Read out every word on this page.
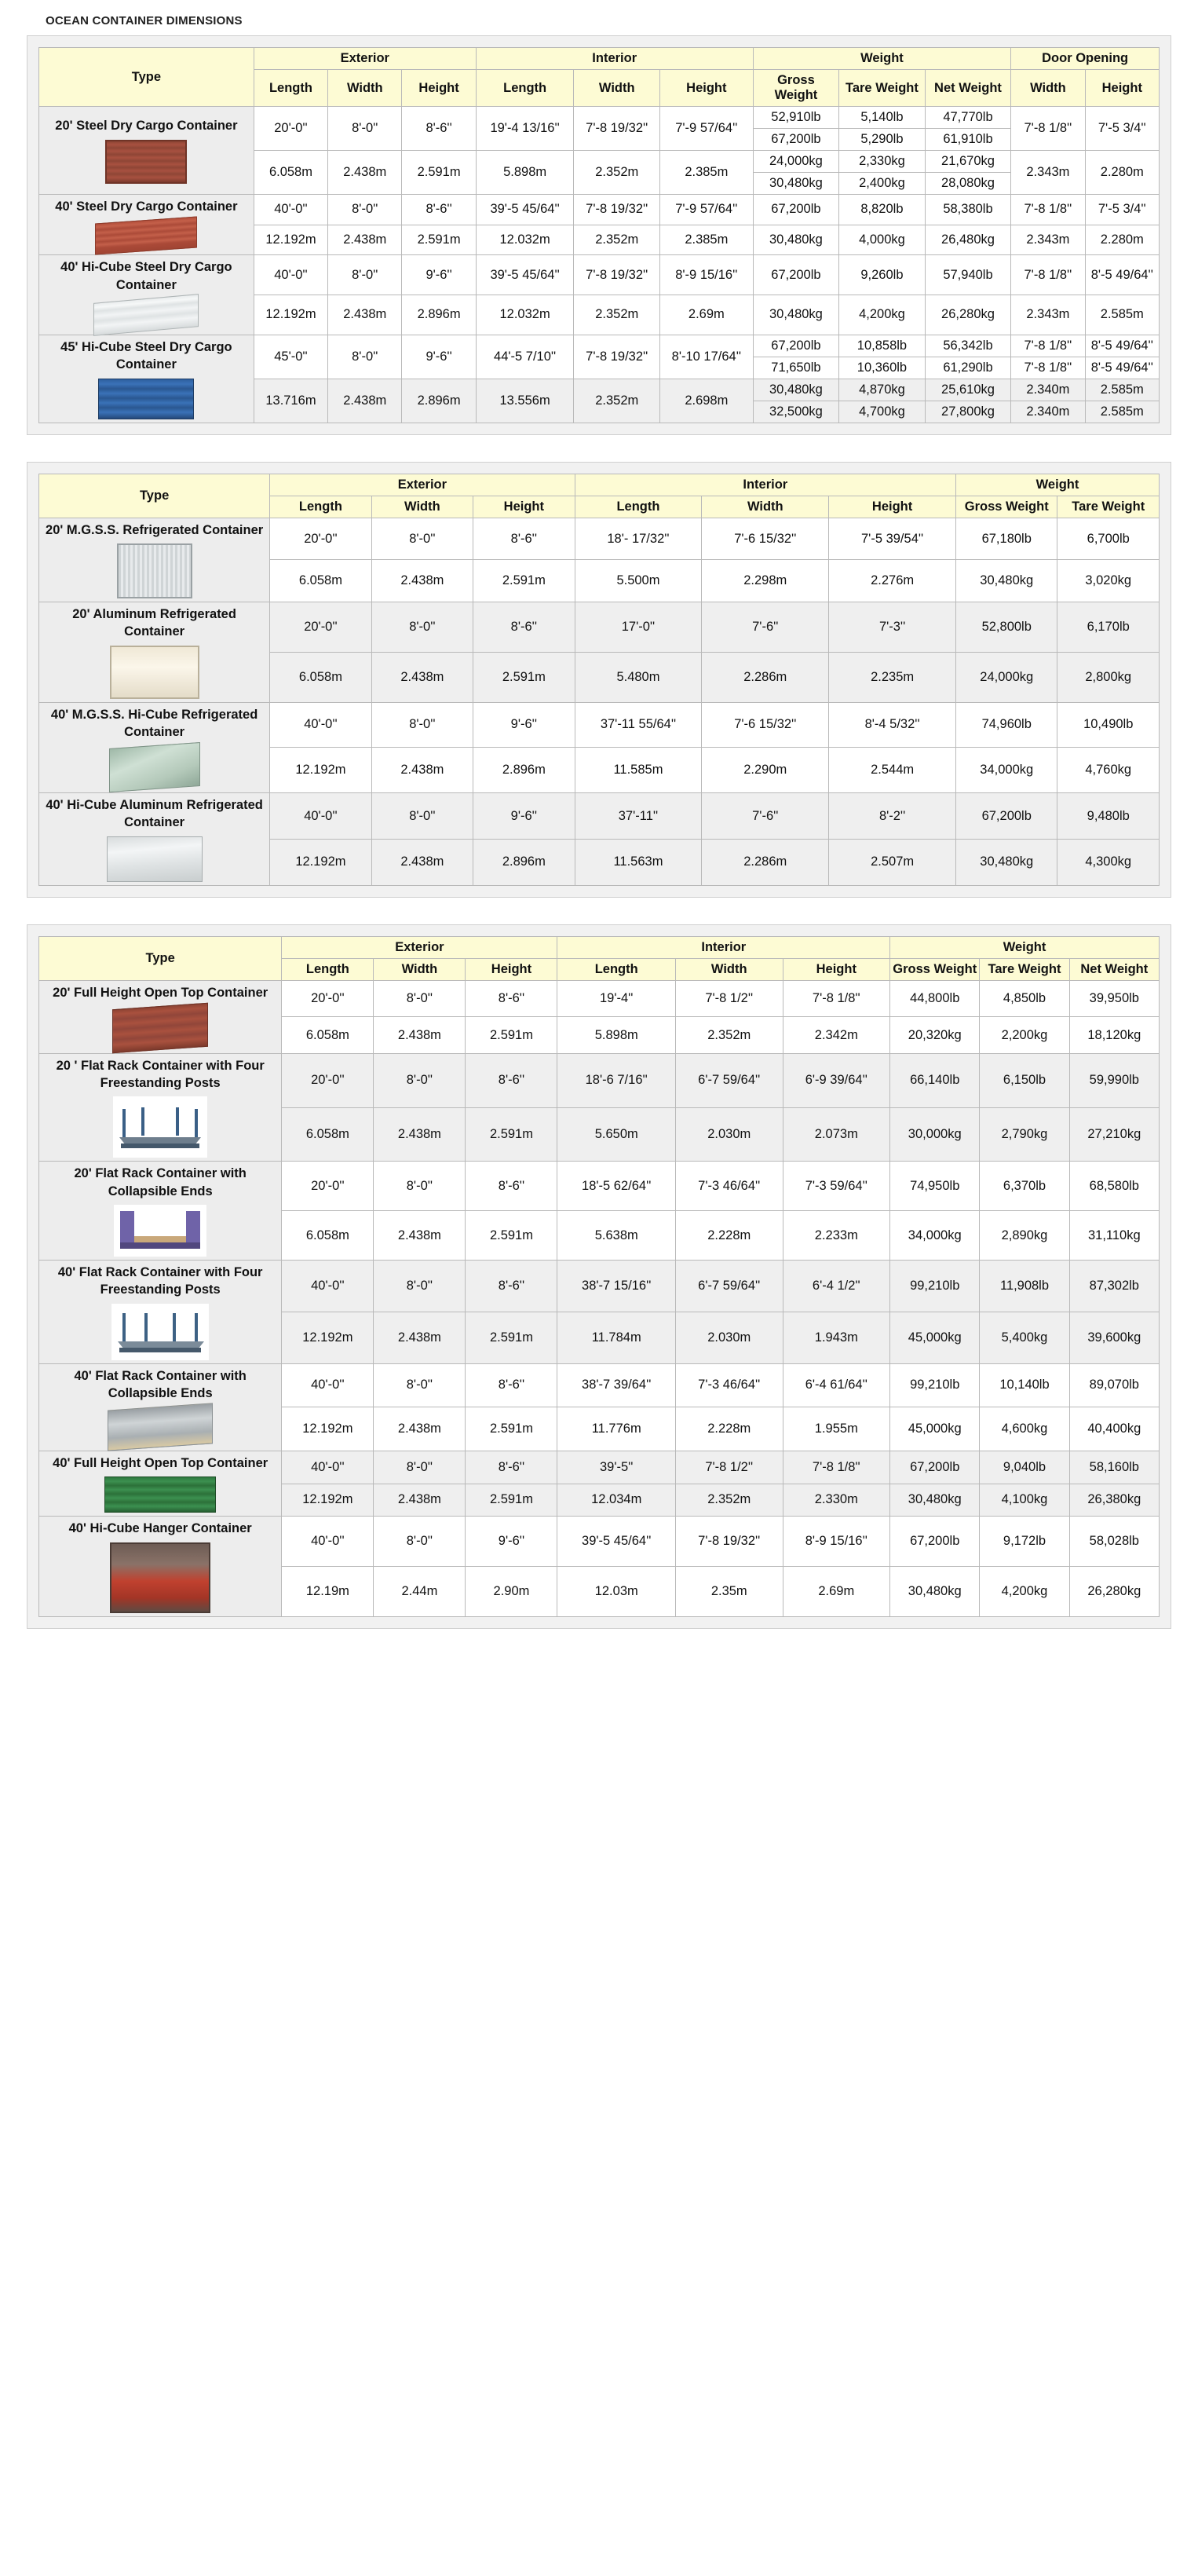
OCEAN CONTAINER DIMENSIONS
Type	Exterior			Interior			Weight			Door Opening	
	Length	Width	Height	Length	Width	Height	Gross Weight	Tare Weight	Net Weight	Width	Height

20' Steel Dry Cargo Container	20'-0''	8'-0''	8'-6''	19'-4 13/16''	7'-8 19/32''	7'-9 57/64''	52,910lb	5,140lb	47,770lb	7'-8 1/8''	7'-5 3/4''
							67,200lb	5,290lb	61,910lb		
	6.058m	2.438m	2.591m	5.898m	2.352m	2.385m	24,000kg	2,330kg	21,670kg	2.343m	2.280m
							30,480kg	2,400kg	28,080kg		

40' Steel Dry Cargo Container	40'-0''	8'-0''	8'-6''	39'-5 45/64''	7'-8 19/32''	7'-9 57/64''	67,200lb	8,820lb	58,380lb	7'-8 1/8''	7'-5 3/4''
	12.192m	2.438m	2.591m	12.032m	2.352m	2.385m	30,480kg	4,000kg	26,480kg	2.343m	2.280m

40' Hi-Cube Steel Dry Cargo Container	40'-0''	8'-0''	9'-6''	39'-5 45/64''	7'-8 19/32''	8'-9 15/16''	67,200lb	9,260lb	57,940lb	7'-8 1/8''	8'-5 49/64''
	12.192m	2.438m	2.896m	12.032m	2.352m	2.69m	30,480kg	4,200kg	26,280kg	2.343m	2.585m

45' Hi-Cube Steel Dry Cargo Container	45'-0''	8'-0''	9'-6''	44'-5 7/10''	7'-8 19/32''	8'-10 17/64''	67,200lb	10,858lb	56,342lb	7'-8 1/8''	8'-5 49/64''
							71,650lb	10,360lb	61,290lb	7'-8 1/8''	8'-5 49/64''
	13.716m	2.438m	2.896m	13.556m	2.352m	2.698m	30,480kg	4,870kg	25,610kg	2.340m	2.585m
							32,500kg	4,700kg	27,800kg	2.340m	2.585m
Type	Exterior			Interior			Weight	
	Length	Width	Height	Length	Width	Height	Gross Weight	Tare Weight

20' M.G.S.S. Refrigerated Container	20'-0''	8'-0''	8'-6''	18'- 17/32''	7'-6 15/32''	7'-5 39/54''	67,180lb	6,700lb
	6.058m	2.438m	2.591m	5.500m	2.298m	2.276m	30,480kg	3,020kg

20' Aluminum Refrigerated Container	20'-0''	8'-0''	8'-6''	17'-0''	7'-6''	7'-3''	52,800lb	6,170lb
	6.058m	2.438m	2.591m	5.480m	2.286m	2.235m	24,000kg	2,800kg

40' M.G.S.S. Hi-Cube Refrigerated Container	40'-0''	8'-0''	9'-6''	37'-11 55/64''	7'-6 15/32''	8'-4 5/32''	74,960lb	10,490lb
	12.192m	2.438m	2.896m	11.585m	2.290m	2.544m	34,000kg	4,760kg

40' Hi-Cube Aluminum Refrigerated Container	40'-0''	8'-0''	9'-6''	37'-11''	7'-6''	8'-2''	67,200lb	9,480lb
	12.192m	2.438m	2.896m	11.563m	2.286m	2.507m	30,480kg	4,300kg
Type	Exterior			Interior			Weight		
	Length	Width	Height	Length	Width	Height	Gross Weight	Tare Weight	Net Weight

20' Full Height Open Top Container	20'-0''	8'-0''	8'-6''	19'-4''	7'-8 1/2''	7'-8 1/8''	44,800lb	4,850lb	39,950lb
	6.058m	2.438m	2.591m	5.898m	2.352m	2.342m	20,320kg	2,200kg	18,120kg

20 ' Flat Rack Container with Four Freestanding Posts	20'-0''	8'-0''	8'-6''	18'-6 7/16''	6'-7 59/64''	6'-9 39/64''	66,140lb	6,150lb	59,990lb
	6.058m	2.438m	2.591m	5.650m	2.030m	2.073m	30,000kg	2,790kg	27,210kg

20' Flat Rack Container with Collapsible Ends	20'-0''	8'-0''	8'-6''	18'-5 62/64''	7'-3 46/64''	7'-3 59/64''	74,950lb	6,370lb	68,580lb
	6.058m	2.438m	2.591m	5.638m	2.228m	2.233m	34,000kg	2,890kg	31,110kg

40' Flat Rack Container with Four Freestanding Posts	40'-0''	8'-0''	8'-6''	38'-7 15/16''	6'-7 59/64''	6'-4 1/2''	99,210lb	11,908lb	87,302lb
	12.192m	2.438m	2.591m	11.784m	2.030m	1.943m	45,000kg	5,400kg	39,600kg

40' Flat Rack Container with Collapsible Ends	40'-0''	8'-0''	8'-6''	38'-7 39/64''	7'-3 46/64''	6'-4 61/64''	99,210lb	10,140lb	89,070lb
	12.192m	2.438m	2.591m	11.776m	2.228m	1.955m	45,000kg	4,600kg	40,400kg

40' Full Height Open Top Container	40'-0''	8'-0''	8'-6''	39'-5''	7'-8 1/2''	7'-8 1/8''	67,200lb	9,040lb	58,160lb
	12.192m	2.438m	2.591m	12.034m	2.352m	2.330m	30,480kg	4,100kg	26,380kg

40' Hi-Cube Hanger Container	40'-0''	8'-0''	9'-6''	39'-5 45/64''	7'-8 19/32''	8'-9 15/16''	67,200lb	9,172lb	58,028lb
	12.19m	2.44m	2.90m	12.03m	2.35m	2.69m	30,480kg	4,200kg	26,280kg
